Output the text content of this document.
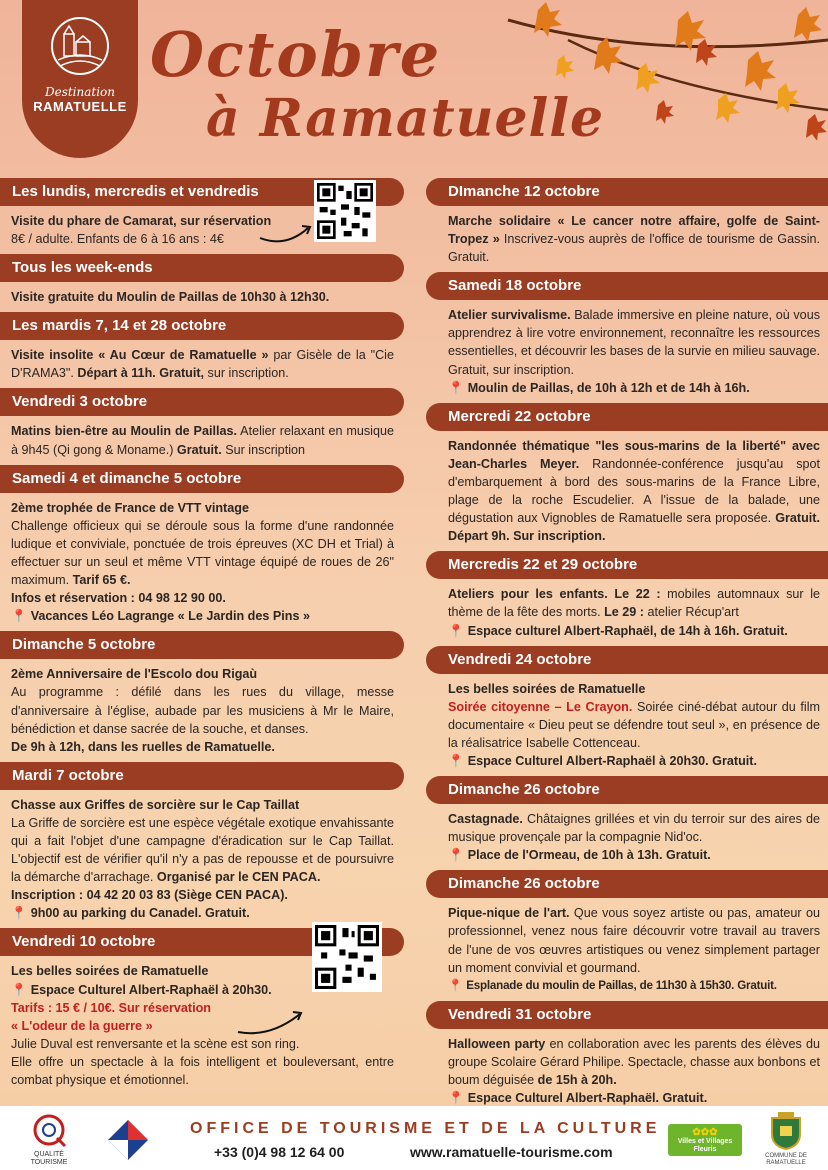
Destination
RAMATUELLE
Octobre
à Ramatuelle
Les lundis, mercredis et vendredis

Visite du phare de Camarat, sur réservation

8€ / adulte. Enfants de 6 à 16 ans : 4€

Tous les week-ends

Visite gratuite du Moulin de Paillas de 10h30 à 12h30.

Les mardis 7, 14 et 28 octobre

Visite insolite « Au Cœur de Ramatuelle » par Gisèle de la "Cie D'RAMA3". Départ à 11h. Gratuit, sur inscription.

Vendredi 3 octobre

Matins bien-être au Moulin de Paillas. Atelier relaxant en musique à 9h45 (Qi gong & Moname.) Gratuit. Sur inscription

Samedi 4 et dimanche 5 octobre

2ème trophée de France de VTT vintage

Challenge officieux qui se déroule sous la forme d'une randonnée ludique et conviviale, ponctuée de trois épreuves (XC DH et Trial) à effectuer sur un seul et même VTT vintage équipé de roues de 26" maximum. Tarif 65 €.

Infos et réservation : 04 98 12 90 00.

📍 Vacances Léo Lagrange « Le Jardin des Pins »

Dimanche 5 octobre

2ème Anniversaire de l'Escolo dou Rigaù

Au programme : défilé dans les rues du village, messe d'anniversaire à l'église, aubade par les musiciens à Mr le Maire, bénédiction et danse sacrée de la souche, et danses.

De 9h à 12h, dans les ruelles de Ramatuelle.

Mardi 7 octobre

Chasse aux Griffes de sorcière sur le Cap Taillat

La Griffe de sorcière est une espèce végétale exotique envahissante qui a fait l'objet d'une campagne d'éradication sur le Cap Taillat. L'objectif est de vérifier qu'il n'y a pas de repousse et de poursuivre la démarche d'arrachage. Organisé par le CEN PACA.

Inscription : 04 42 20 03 83 (Siège CEN PACA).

📍 9h00 au parking du Canadel. Gratuit.

Vendredi 10 octobre

Les belles soirées de Ramatuelle

📍 Espace Culturel Albert-Raphaël à 20h30.

Tarifs : 15 € / 10€. Sur réservation

« L'odeur de la guerre »

Julie Duval est renversante et la scène est son ring.

Elle offre un spectacle à la fois intelligent et bouleversant, entre combat physique et émotionnel.

DImanche 12 octobre

Marche solidaire « Le cancer notre affaire, golfe de Saint-Tropez » Inscrivez-vous auprès de l'office de tourisme de Gassin. Gratuit.

Samedi 18 octobre

Atelier survivalisme. Balade immersive en pleine nature, où vous apprendrez à lire votre environnement, reconnaître les ressources essentielles, et découvrir les bases de la survie en milieu sauvage. Gratuit, sur inscription.

📍 Moulin de Paillas, de 10h à 12h et de 14h à 16h.

Mercredi 22 octobre

Randonnée thématique "les sous-marins de la liberté" avec Jean-Charles Meyer. Randonnée-conférence jusqu'au spot d'embarquement à bord des sous-marins de la France Libre, plage de la roche Escudelier. A l'issue de la balade, une dégustation aux Vignobles de Ramatuelle sera proposée. Gratuit. Départ 9h. Sur inscription.

Mercredis 22 et 29 octobre

Ateliers pour les enfants. Le 22 : mobiles automnaux sur le thème de la fête des morts. Le 29 : atelier Récup'art

📍 Espace culturel Albert-Raphaël, de 14h à 16h. Gratuit.

Vendredi 24 octobre

Les belles soirées de Ramatuelle

Soirée citoyenne – Le Crayon. Soirée ciné-débat autour du film documentaire « Dieu peut se défendre tout seul », en présence de la réalisatrice Isabelle Cottenceau.

📍 Espace Culturel Albert-Raphaël à 20h30. Gratuit.

Dimanche 26 octobre

Castagnade. Châtaignes grillées et vin du terroir sur des aires de musique provençale par la compagnie Nid'oc.

📍 Place de l'Ormeau, de 10h à 13h. Gratuit.

Dimanche 26 octobre

Pique-nique de l'art. Que vous soyez artiste ou pas, amateur ou professionnel, venez nous faire découvrir votre travail au travers de l'une de vos œuvres artistiques ou venez simplement partager un moment convivial et gourmand.

📍 Esplanade du moulin de Paillas, de 11h30 à 15h30. Gratuit.

Vendredi 31 octobre

Halloween party en collaboration avec les parents des élèves du groupe Scolaire Gérard Philipe. Spectacle, chasse aux bonbons et boum déguisée de 15h à 20h.

📍 Espace Culturel Albert-Raphaël. Gratuit.

QUALITÉ
TOURISME
OFFICE DE TOURISME ET DE LA CULTURE
+33 (0)4 98 12 64 00	www.ramatuelle-tourisme.com
✿✿✿
Villes et Villages Fleuris
COMMUNE DE
RAMATUELLE
